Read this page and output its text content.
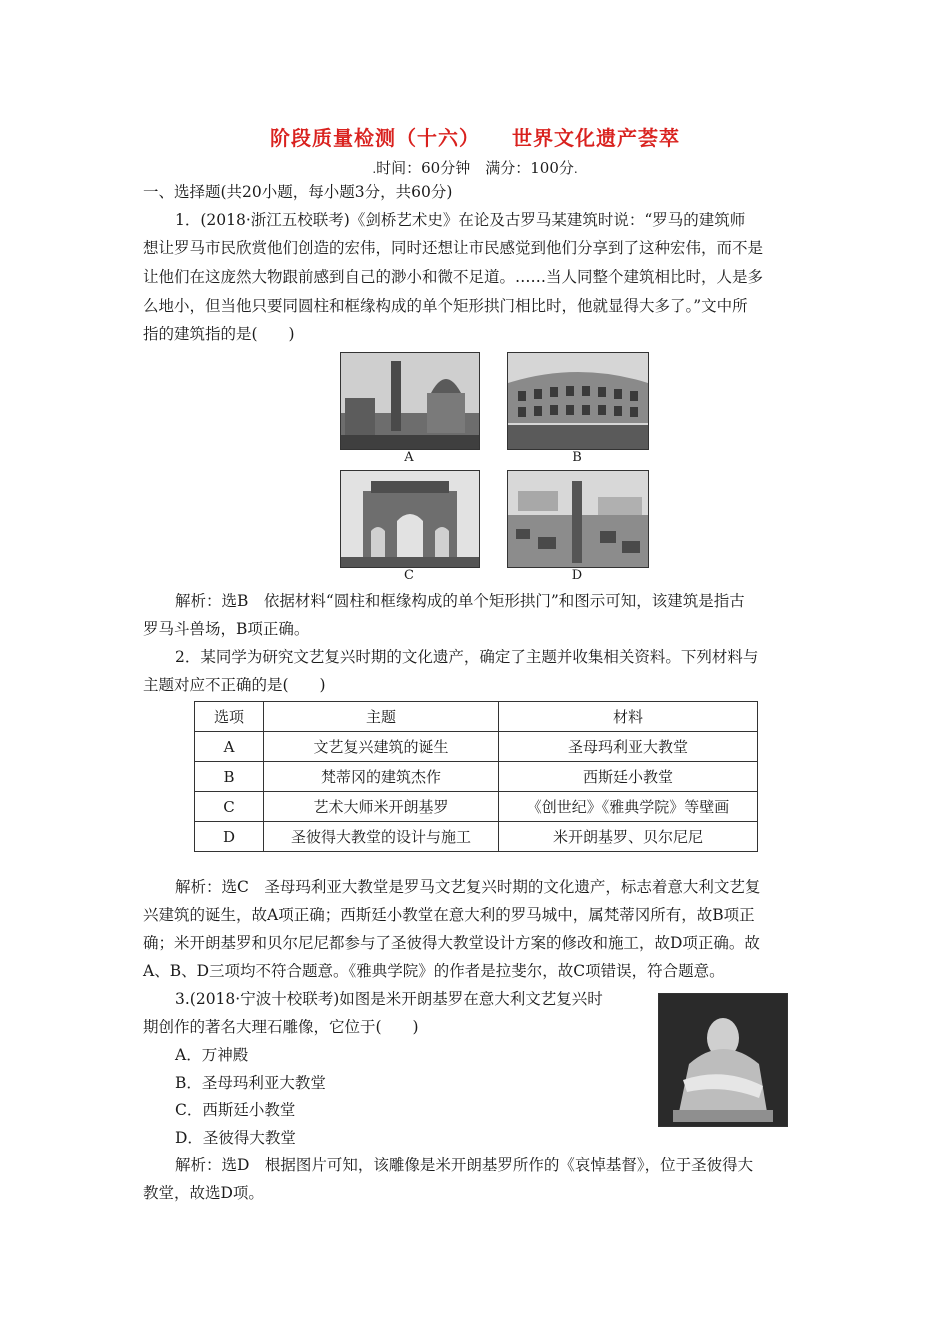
阶段质量检测（十六） 世界文化遗产荟萃
.时间：60分钟　满分：100分.
一、选择题(共20小题，每小题3分，共60分)
1．(2018·浙江五校联考)《剑桥艺术史》在论及古罗马某建筑时说：“罗马的建筑师
想让罗马市民欣赏他们创造的宏伟，同时还想让市民感觉到他们分享到了这种宏伟，而不是
让他们在这庞然大物跟前感到自己的渺小和微不足道。……当人同整个建筑相比时，人是多
么地小，但当他只要同圆柱和框缘构成的单个矩形拱门相比时，他就显得大多了。”文中所
指的建筑指的是(　　)
A	B
C	D
解析：选B　依据材料“圆柱和框缘构成的单个矩形拱门”和图示可知，该建筑是指古
罗马斗兽场，B项正确。
2．某同学为研究文艺复兴时期的文化遗产，确定了主题并收集相关资料。下列材料与
主题对应不正确的是(　　)
选项	主题	材料
A	文艺复兴建筑的诞生	圣母玛利亚大教堂
B	梵蒂冈的建筑杰作	西斯廷小教堂
C	艺术大师米开朗基罗	《创世纪》《雅典学院》等壁画
D	圣彼得大教堂的设计与施工	米开朗基罗、贝尔尼尼
解析：选C　圣母玛利亚大教堂是罗马文艺复兴时期的文化遗产，标志着意大利文艺复
兴建筑的诞生，故A项正确；西斯廷小教堂在意大利的罗马城中，属梵蒂冈所有，故B项正
确；米开朗基罗和贝尔尼尼都参与了圣彼得大教堂设计方案的修改和施工，故D项正确。故
A、B、D三项均不符合题意。《雅典学院》的作者是拉斐尔，故C项错误，符合题意。
3.(2018·宁波十校联考)如图是米开朗基罗在意大利文艺复兴时
期创作的著名大理石雕像，它位于(　　)
A．万神殿
B．圣母玛利亚大教堂
C．西斯廷小教堂
D．圣彼得大教堂
解析：选D　根据图片可知，该雕像是米开朗基罗所作的《哀悼基督》，位于圣彼得大
教堂，故选D项。
